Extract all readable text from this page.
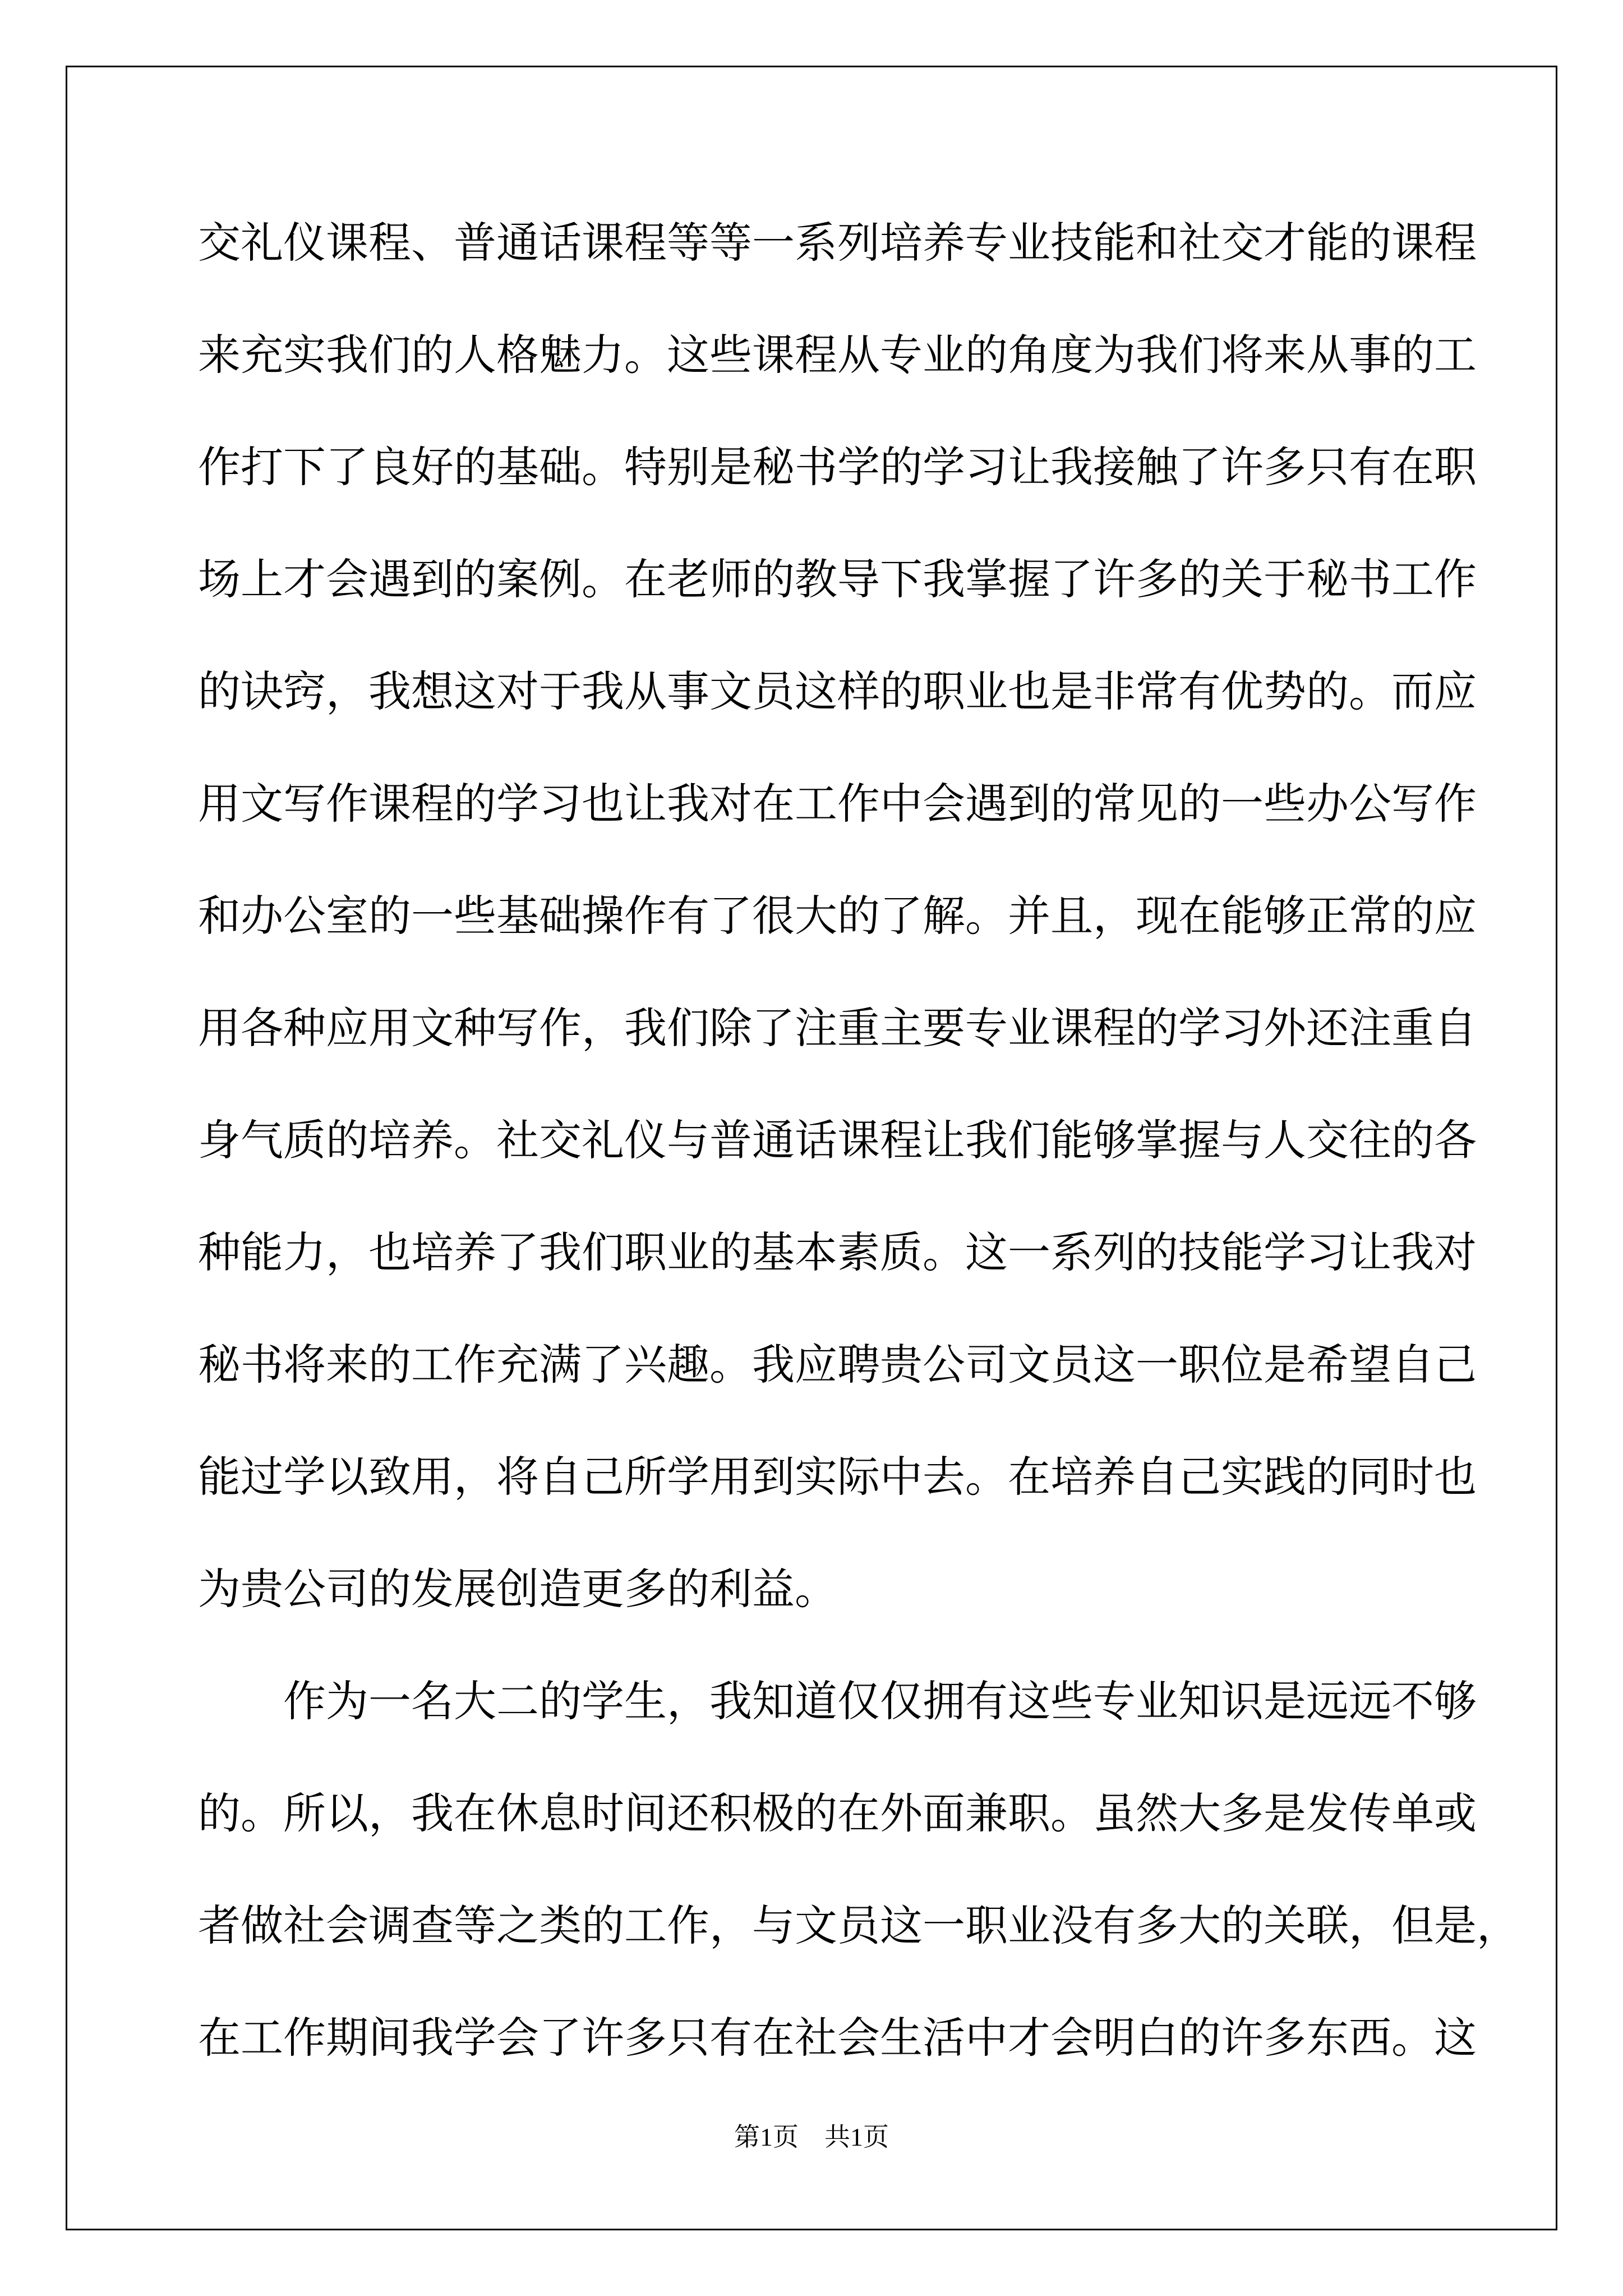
交礼仪课程、普通话课程等等一系列培养专业技能和社交才能的课程
来充实我们的人格魅力。这些课程从专业的角度为我们将来从事的工
作打下了良好的基础。特别是秘书学的学习让我接触了许多只有在职
场上才会遇到的案例。在老师的教导下我掌握了许多的关于秘书工作
的诀窍，我想这对于我从事文员这样的职业也是非常有优势的。而应
用文写作课程的学习也让我对在工作中会遇到的常见的一些办公写作
和办公室的一些基础操作有了很大的了解。并且，现在能够正常的应
用各种应用文种写作，我们除了注重主要专业课程的学习外还注重自
身气质的培养。社交礼仪与普通话课程让我们能够掌握与人交往的各
种能力，也培养了我们职业的基本素质。这一系列的技能学习让我对
秘书将来的工作充满了兴趣。我应聘贵公司文员这一职位是希望自己
能过学以致用，将自己所学用到实际中去。在培养自己实践的同时也
为贵公司的发展创造更多的利益。
　　作为一名大二的学生，我知道仅仅拥有这些专业知识是远远不够
的。所以，我在休息时间还积极的在外面兼职。虽然大多是发传单或
者做社会调查等之类的工作，与文员这一职业没有多大的关联，但是，
在工作期间我学会了许多只有在社会生活中才会明白的许多东西。这
第1页　共1页
